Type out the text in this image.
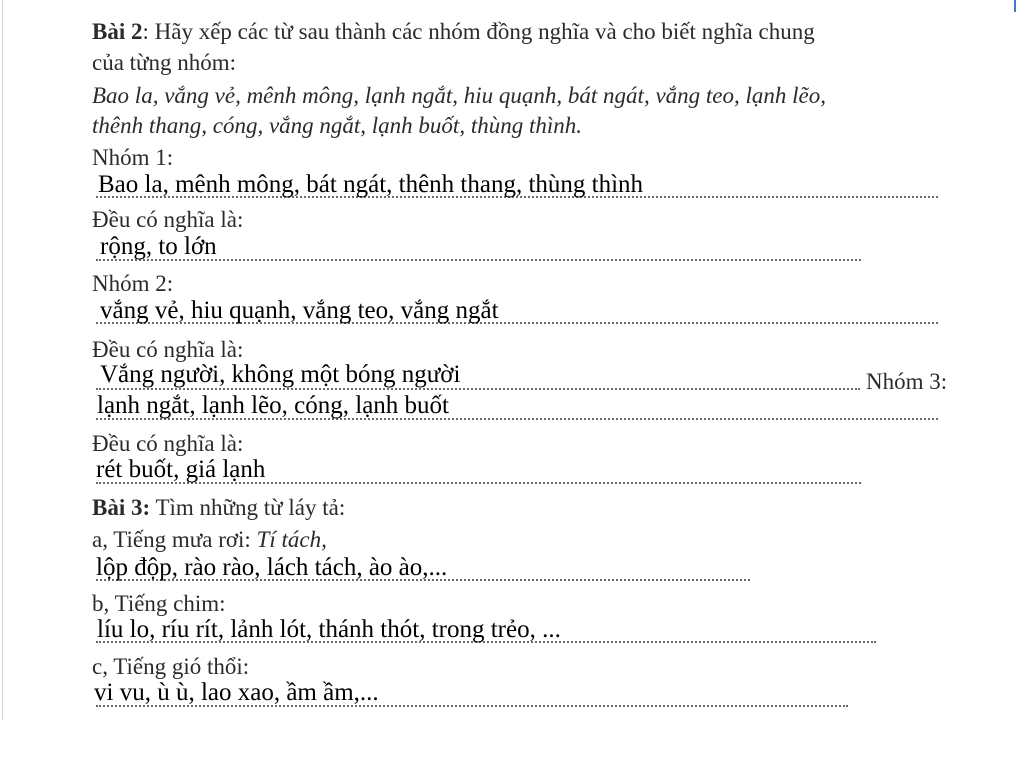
Bài 2: Hãy xếp các từ sau thành các nhóm đồng nghĩa và cho biết nghĩa chung
của từng nhóm:
Bao la, vắng vẻ, mênh mông, lạnh ngắt, hiu quạnh, bát ngát, vắng teo, lạnh lẽo,
thênh thang, cóng, vắng ngắt, lạnh buốt, thùng thình.
Nhóm 1:
Bao la, mênh mông, bát ngát, thênh thang, thùng thình
Đều có nghĩa là:
rộng, to lớn
Nhóm 2:
vắng vẻ, hiu quạnh, vắng teo, vắng ngắt
Đều có nghĩa là:
Vắng người, không một bóng người	Nhóm 3:
lạnh ngắt, lạnh lẽo, cóng, lạnh buốt
Đều có nghĩa là:
rét buốt, giá lạnh
Bài 3: Tìm những từ láy tả:
a, Tiếng mưa rơi: Tí tách,
lộp độp, rào rào, lách tách, ào ào,...
b, Tiếng chim:
líu lo, ríu rít, lảnh lót, thánh thót, trong trẻo, ...
c, Tiếng gió thổi:
vi vu, ù ù, lao xao, ầm ầm,...
